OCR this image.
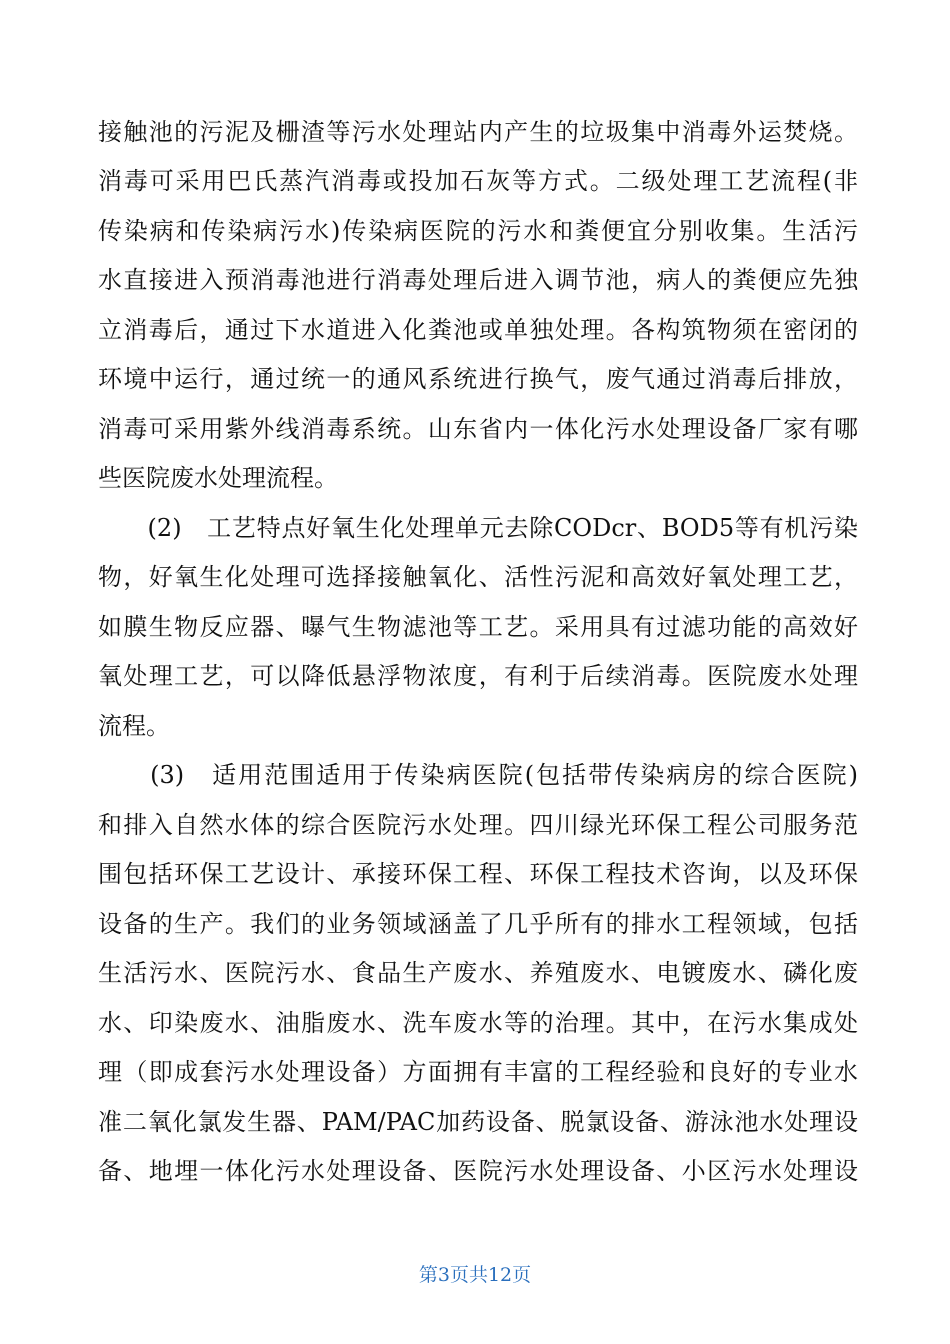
接触池的污泥及栅渣等污水处理站内产生的垃圾集中消毒外运焚烧。
消毒可采用巴氏蒸汽消毒或投加石灰等方式。二级处理工艺流程(非
传染病和传染病污水)传染病医院的污水和粪便宜分别收集。生活污
水直接进入预消毒池进行消毒处理后进入调节池，病人的粪便应先独
立消毒后，通过下水道进入化粪池或单独处理。各构筑物须在密闭的
环境中运行，通过统一的通风系统进行换气，废气通过消毒后排放，
消毒可采用紫外线消毒系统。山东省内一体化污水处理设备厂家有哪
些医院废水处理流程。
　　(2)　工艺特点好氧生化处理单元去除CODcr、BOD5等有机污染
物，好氧生化处理可选择接触氧化、活性污泥和高效好氧处理工艺，
如膜生物反应器、曝气生物滤池等工艺。采用具有过滤功能的高效好
氧处理工艺，可以降低悬浮物浓度，有利于后续消毒。医院废水处理
流程。
　　(3)　适用范围适用于传染病医院(包括带传染病房的综合医院)
和排入自然水体的综合医院污水处理。四川绿光环保工程公司服务范
围包括环保工艺设计、承接环保工程、环保工程技术咨询，以及环保
设备的生产。我们的业务领域涵盖了几乎所有的排水工程领域，包括
生活污水、医院污水、食品生产废水、养殖废水、电镀废水、磷化废
水、印染废水、油脂废水、洗车废水等的治理。其中，在污水集成处
理（即成套污水处理设备）方面拥有丰富的工程经验和良好的专业水
准二氧化氯发生器、PAM/PAC加药设备、脱氯设备、游泳池水处理设
备、地埋一体化污水处理设备、医院污水处理设备、小区污水处理设
第3页共12页
